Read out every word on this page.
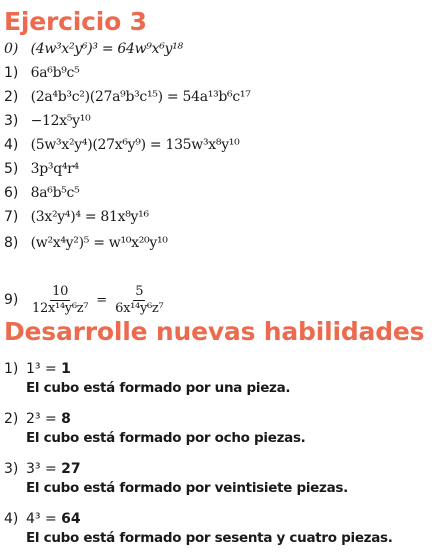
Ejercicio 3
0) (4w³x²y⁶)³ = 64w⁹x⁶y¹⁸
1) 6a⁶b⁹c⁵
2) (2a⁴b³c²)(27a⁹b³c¹⁵) = 54a¹³b⁶c¹⁷
3) −12x⁵y¹⁰
4) (5w³x²y⁴)(27x⁶y⁹) = 135w³x⁸y¹⁰
5) 3p³q⁴r⁴
6) 8a⁶b⁵c⁵
7) (3x²y⁴)⁴ = 81x⁸y¹⁶
8) (w²x⁴y²)⁵ = w¹⁰x²⁰y¹⁰
$9) \frac{10}{\text{12x¹⁴y⁶z⁷}} = \frac{5}{\text{6x¹⁴y⁶z⁷}}$
Desarrolle nuevas habilidades
1) 1³ = 1
El cubo está formado por una pieza.
2) 2³ = 8
El cubo está formado por ocho piezas.
3) 3³ = 27
El cubo está formado por veintisiete piezas.
4) 4³ = 64
El cubo está formado por sesenta y cuatro piezas.
